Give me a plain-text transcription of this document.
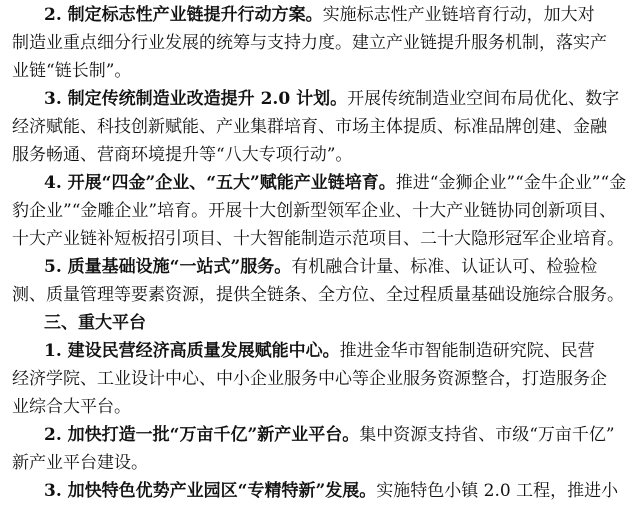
2. 制定标志性产业链提升行动方案。实施标志性产业链培育行动，加大对
制造业重点细分行业发展的统筹与支持力度。建立产业链提升服务机制，落实产
业链“链长制”。
3. 制定传统制造业改造提升 2.0 计划。开展传统制造业空间布局优化、数字
经济赋能、科技创新赋能、产业集群培育、市场主体提质、标准品牌创建、金融
服务畅通、营商环境提升等“八大专项行动”。
4. 开展“四金”企业、“五大”赋能产业链培育。推进“金狮企业”“金牛企业”“金
豹企业”“金雕企业”培育。开展十大创新型领军企业、十大产业链协同创新项目、
十大产业链补短板招引项目、十大智能制造示范项目、二十大隐形冠军企业培育。
5. 质量基础设施“一站式”服务。有机融合计量、标准、认证认可、检验检
测、质量管理等要素资源，提供全链条、全方位、全过程质量基础设施综合服务。
三、重大平台
1. 建设民营经济高质量发展赋能中心。推进金华市智能制造研究院、民营
经济学院、工业设计中心、中小企业服务中心等企业服务资源整合，打造服务企
业综合大平台。
2. 加快打造一批“万亩千亿”新产业平台。集中资源支持省、市级“万亩千亿”
新产业平台建设。
3. 加快特色优势产业园区“专精特新”发展。实施特色小镇 2.0 工程，推进小
